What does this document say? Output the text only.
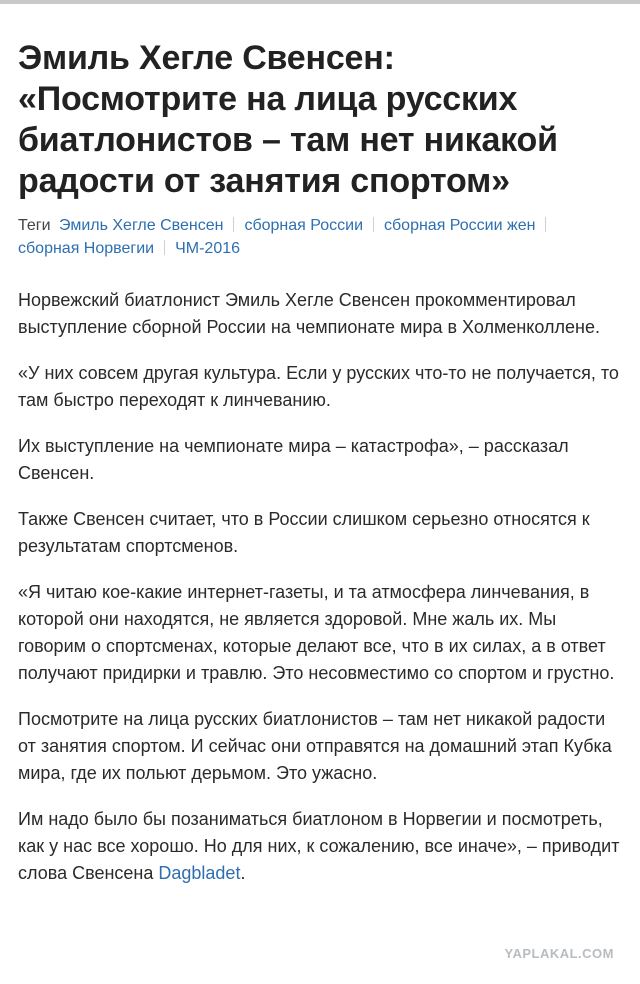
Эмиль Хегле Свенсен:
«Посмотрите на лица русских
биатлонистов – там нет никакой
радости от занятия спортом»
Теги Эмиль Хегле Свенсен сборная России сборная России жен
сборная Норвегии ЧМ-2016

Норвежский биатлонист Эмиль Хегле Свенсен прокомментировал выступление сборной России на чемпионате мира в Холменколлене.

«У них совсем другая культура. Если у русских что-то не получается, то там быстро переходят к линчеванию.

Их выступление на чемпионате мира – катастрофа», – рассказал Свенсен.

Также Свенсен считает, что в России слишком серьезно относятся к результатам спортсменов.

«Я читаю кое-какие интернет-газеты, и та атмосфера линчевания, в которой они находятся, не является здоровой. Мне жаль их. Мы говорим о спортсменах, которые делают все, что в их силах, а в ответ получают придирки и травлю. Это несовместимо со спортом и грустно.

Посмотрите на лица русских биатлонистов – там нет никакой радости от занятия спортом. И сейчас они отправятся на домашний этап Кубка мира, где их польют дерьмом. Это ужасно.

Им надо было бы позаниматься биатлоном в Норвегии и посмотреть, как у нас все хорошо. Но для них, к сожалению, все иначе», – приводит слова Свенсена Dagbladet.

YAPLAKAL.COM
